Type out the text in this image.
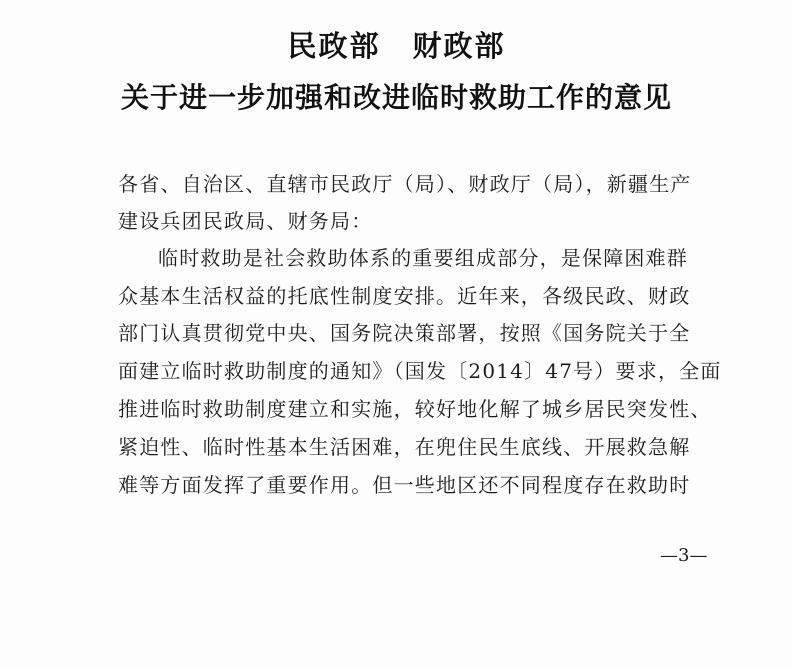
民政部 财政部
关于进一步加强和改进临时救助工作的意见
各省、自治区、直辖市民政厅（局）、财政厅（局），新疆生产
建设兵团民政局、财务局：
临时救助是社会救助体系的重要组成部分，是保障困难群
众基本生活权益的托底性制度安排。近年来，各级民政、财政
部门认真贯彻党中央、国务院决策部署，按照《国务院关于全
面建立临时救助制度的通知》（国发〔2014〕47号）要求，全面
推进临时救助制度建立和实施，较好地化解了城乡居民突发性、
紧迫性、临时性基本生活困难，在兜住民生底线、开展救急解
难等方面发挥了重要作用。但一些地区还不同程度存在救助时
—3—
